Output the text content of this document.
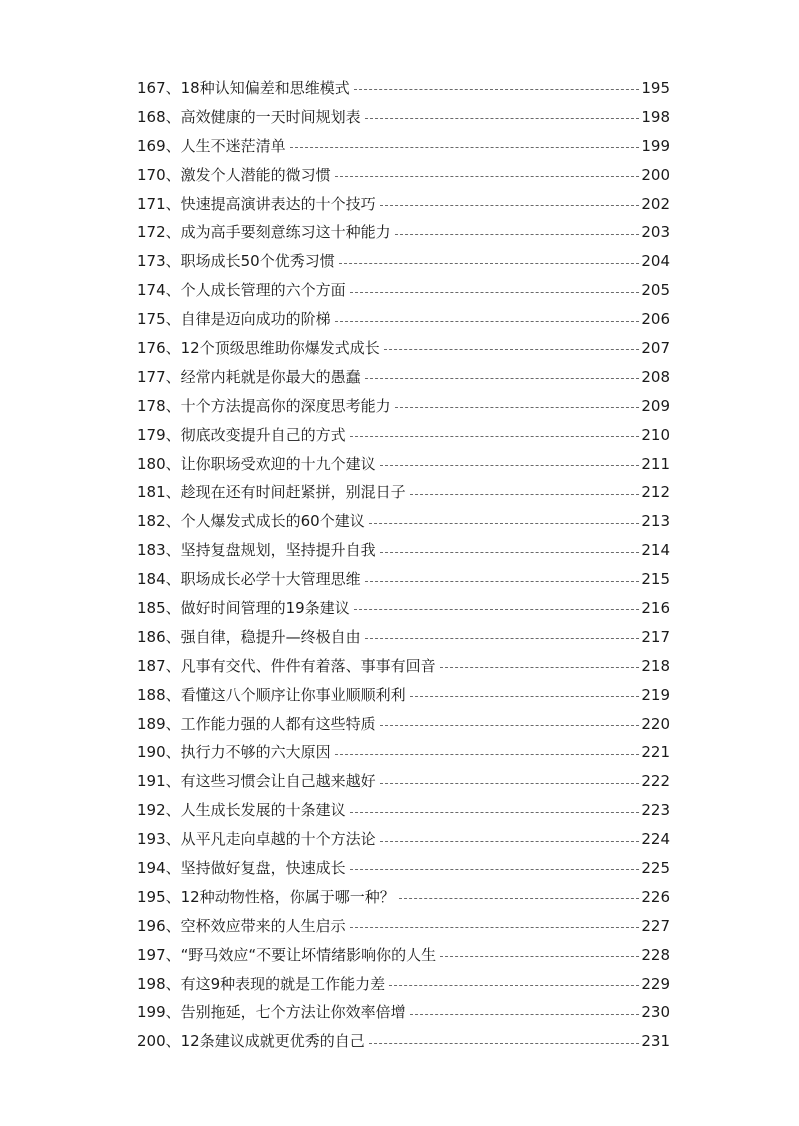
167、18种认知偏差和思维模式	195
168、高效健康的一天时间规划表	198
169、人生不迷茫清单	199
170、激发个人潜能的微习惯	200
171、快速提高演讲表达的十个技巧	202
172、成为高手要刻意练习这十种能力	203
173、职场成长50个优秀习惯	204
174、个人成长管理的六个方面	205
175、自律是迈向成功的阶梯	206
176、12个顶级思维助你爆发式成长	207
177、经常内耗就是你最大的愚蠢	208
178、十个方法提高你的深度思考能力	209
179、彻底改变提升自己的方式	210
180、让你职场受欢迎的十九个建议	211
181、趁现在还有时间赶紧拼，别混日子	212
182、个人爆发式成长的60个建议	213
183、坚持复盘规划，坚持提升自我	214
184、职场成长必学十大管理思维	215
185、做好时间管理的19条建议	216
186、强自律，稳提升—终极自由	217
187、凡事有交代、件件有着落、事事有回音	218
188、看懂这八个顺序让你事业顺顺利利	219
189、工作能力强的人都有这些特质	220
190、执行力不够的六大原因	221
191、有这些习惯会让自己越来越好	222
192、人生成长发展的十条建议	223
193、从平凡走向卓越的十个方法论	224
194、坚持做好复盘，快速成长	225
195、12种动物性格，你属于哪一种？	226
196、空杯效应带来的人生启示	227
197、“野马效应“不要让坏情绪影响你的人生	228
198、有这9种表现的就是工作能力差	229
199、告别拖延，七个方法让你效率倍增	230
200、12条建议成就更优秀的自己	231
